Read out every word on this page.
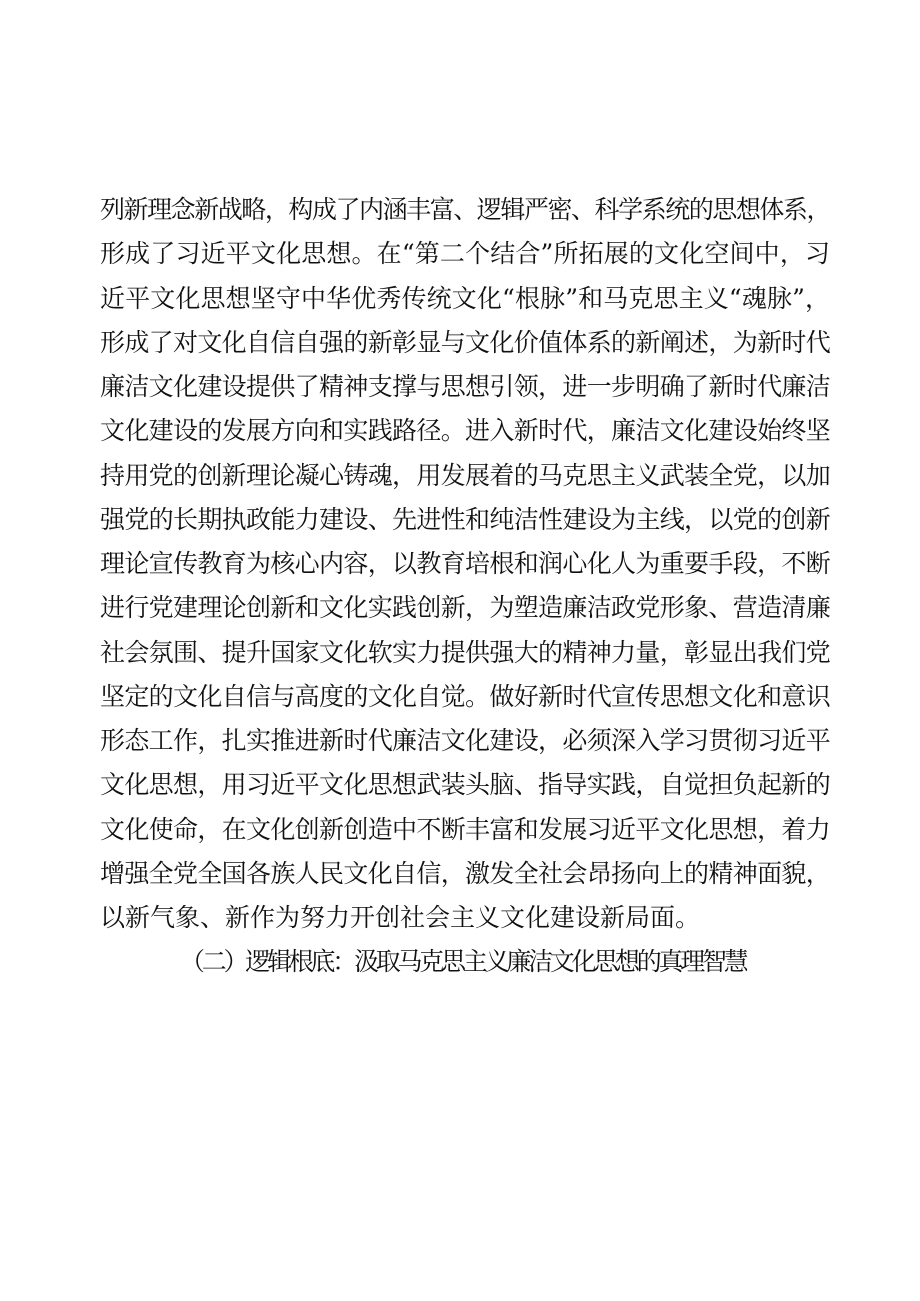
列新理念新战略，构成了内涵丰富、逻辑严密、科学系统的思想体系，
形成了习近平文化思想。在“第二个结合”所拓展的文化空间中，习
近平文化思想坚守中华优秀传统文化“根脉”和马克思主义“魂脉”，
形成了对文化自信自强的新彰显与文化价值体系的新阐述，为新时代
廉洁文化建设提供了精神支撑与思想引领，进一步明确了新时代廉洁
文化建设的发展方向和实践路径。进入新时代，廉洁文化建设始终坚
持用党的创新理论凝心铸魂，用发展着的马克思主义武装全党，以加
强党的长期执政能力建设、先进性和纯洁性建设为主线，以党的创新
理论宣传教育为核心内容，以教育培根和润心化人为重要手段，不断
进行党建理论创新和文化实践创新，为塑造廉洁政党形象、营造清廉
社会氛围、提升国家文化软实力提供强大的精神力量，彰显出我们党
坚定的文化自信与高度的文化自觉。做好新时代宣传思想文化和意识
形态工作，扎实推进新时代廉洁文化建设，必须深入学习贯彻习近平
文化思想，用习近平文化思想武装头脑、指导实践，自觉担负起新的
文化使命，在文化创新创造中不断丰富和发展习近平文化思想，着力
增强全党全国各族人民文化自信，激发全社会昂扬向上的精神面貌，
以新气象、新作为努力开创社会主义文化建设新局面。
（二）逻辑根底：汲取马克思主义廉洁文化思想的真理智慧
